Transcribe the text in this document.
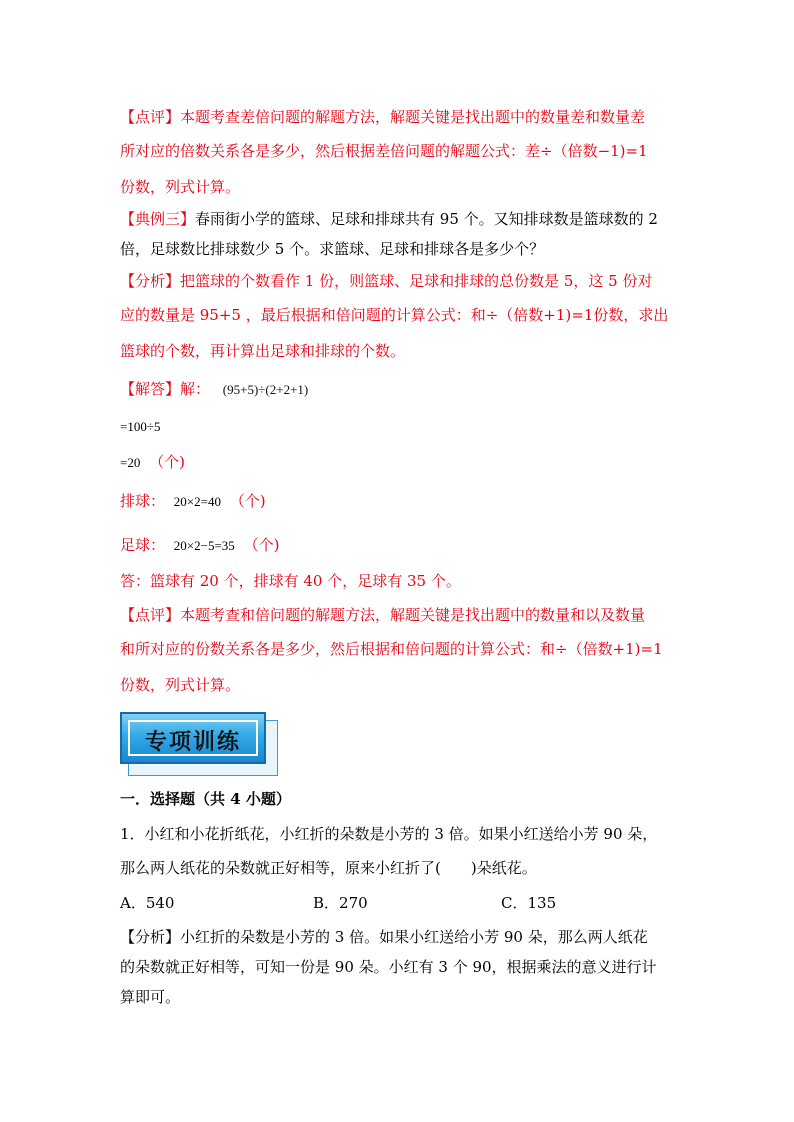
【点评】本题考查差倍问题的解题方法，解题关键是找出题中的数量差和数量差
所对应的倍数关系各是多少，然后根据差倍问题的解题公式：差÷（倍数−1)=1
份数，列式计算。
【典例三】春雨街小学的篮球、足球和排球共有 95 个。又知排球数是篮球数的 2
倍，足球数比排球数少 5 个。求篮球、足球和排球各是多少个？
【分析】把篮球的个数看作 1 份，则篮球、足球和排球的总份数是 5，这 5 份对
应的数量是 95+5 ，最后根据和倍问题的计算公式：和÷（倍数+1)=1份数，求出
篮球的个数，再计算出足球和排球的个数。
【解答】解： (95+5)÷(2+2+1)
=100÷5
=20 （个)
排球： 20×2=40 （个)
足球： 20×2−5=35 （个)
答：篮球有 20 个，排球有 40 个，足球有 35 个。
【点评】本题考查和倍问题的解题方法，解题关键是找出题中的数量和以及数量
和所对应的份数关系各是多少，然后根据和倍问题的计算公式：和÷（倍数+1)=1
份数，列式计算。
专项训练
一．选择题（共 4 小题）
1．小红和小花折纸花，小红折的朵数是小芳的 3 倍。如果小红送给小芳 90 朵，
那么两人纸花的朵数就正好相等，原来小红折了(　　)朵纸花。
A．540	B．270	C．135
【分析】小红折的朵数是小芳的 3 倍。如果小红送给小芳 90 朵，那么两人纸花
的朵数就正好相等，可知一份是 90 朵。小红有 3 个 90，根据乘法的意义进行计
算即可。
